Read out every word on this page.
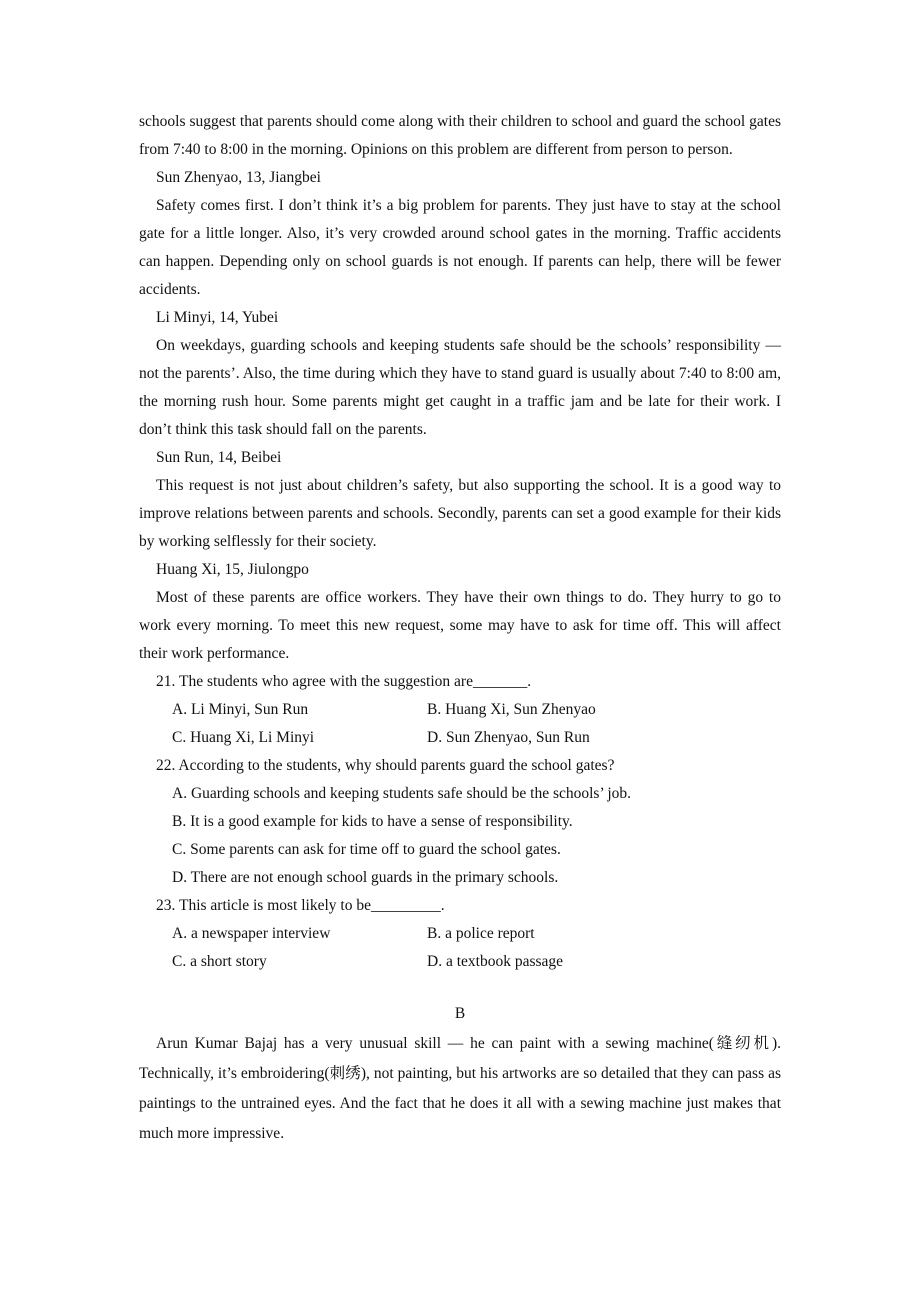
schools suggest that parents should come along with their children to school and guard the school gates from 7:40 to 8:00 in the morning. Opinions on this problem are different from person to person.

Sun Zhenyao, 13, Jiangbei

Safety comes first. I don’t think it’s a big problem for parents. They just have to stay at the school gate for a little longer. Also, it’s very crowded around school gates in the morning. Traffic accidents can happen. Depending only on school guards is not enough. If parents can help, there will be fewer accidents.

Li Minyi, 14, Yubei

On weekdays, guarding schools and keeping students safe should be the schools’ responsibility — not the parents’. Also, the time during which they have to stand guard is usually about 7:40 to 8:00 am, the morning rush hour. Some parents might get caught in a traffic jam and be late for their work. I don’t think this task should fall on the parents.

Sun Run, 14, Beibei

This request is not just about children’s safety, but also supporting the school. It is a good way to improve relations between parents and schools. Secondly, parents can set a good example for their kids by working selflessly for their society.

Huang Xi, 15, Jiulongpo

Most of these parents are office workers. They have their own things to do. They hurry to go to work every morning. To meet this new request, some may have to ask for time off. This will affect their work performance.

21. The students who agree with the suggestion are_______.

A. Li Minyi, Sun Run	B. Huang Xi, Sun Zhenyao
C. Huang Xi, Li Minyi	D. Sun Zhenyao, Sun Run

22. According to the students, why should parents guard the school gates?

A. Guarding schools and keeping students safe should be the schools’ job.

B. It is a good example for kids to have a sense of responsibility.

C. Some parents can ask for time off to guard the school gates.

D. There are not enough school guards in the primary schools.

23. This article is most likely to be_________.

A. a newspaper interview	B. a police report
C. a short story	D. a textbook passage

B

Arun Kumar Bajaj has a very unusual skill — he can paint with a sewing machine(缝纫机). Technically, it’s embroidering(刺绣), not painting, but his artworks are so detailed that they can pass as paintings to the untrained eyes. And the fact that he does it all with a sewing machine just makes that much more impressive.
